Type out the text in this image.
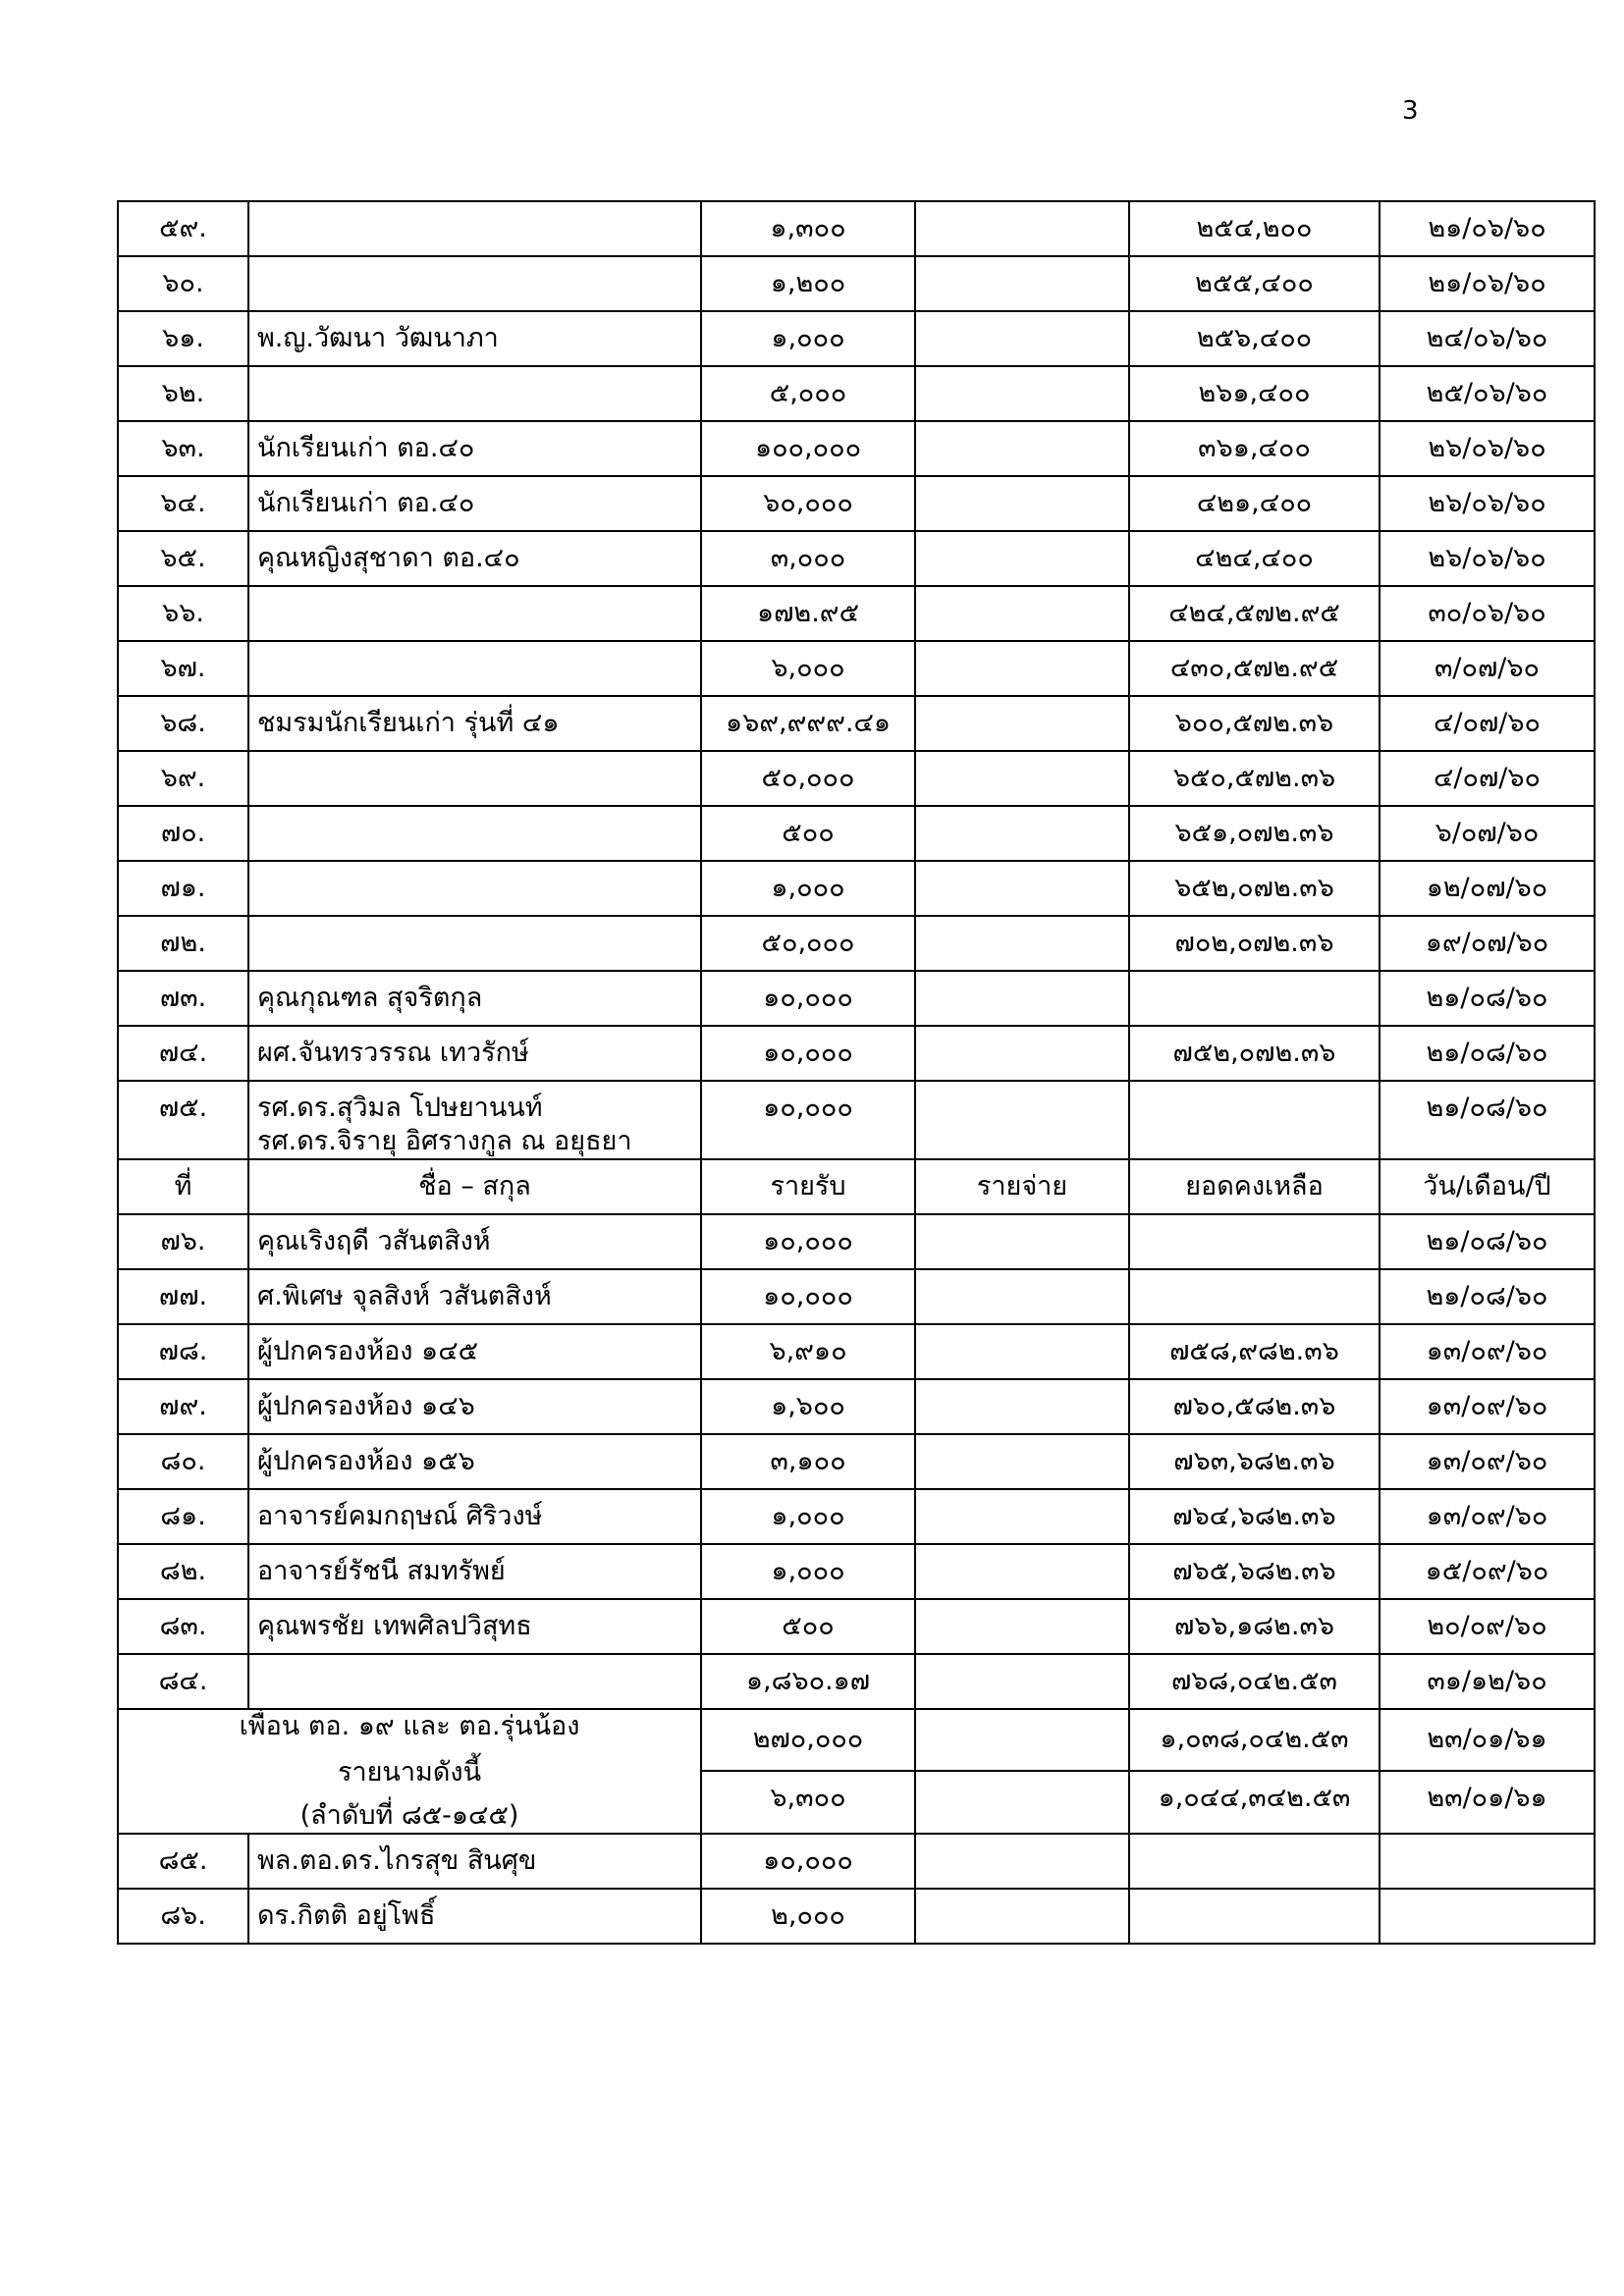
3
๕๙.		๑,๓๐๐		๒๕๔,๒๐๐	๒๑/๐๖/๖๐
๖๐.		๑,๒๐๐		๒๕๕,๔๐๐	๒๑/๐๖/๖๐
๖๑.	พ.ญ.วัฒนา วัฒนาภา	๑,๐๐๐		๒๕๖,๔๐๐	๒๔/๐๖/๖๐
๖๒.		๕,๐๐๐		๒๖๑,๔๐๐	๒๕/๐๖/๖๐
๖๓.	นักเรียนเก่า ตอ.๔๐	๑๐๐,๐๐๐		๓๖๑,๔๐๐	๒๖/๐๖/๖๐
๖๔.	นักเรียนเก่า ตอ.๔๐	๖๐,๐๐๐		๔๒๑,๔๐๐	๒๖/๐๖/๖๐
๖๕.	คุณหญิงสุชาดา ตอ.๔๐	๓,๐๐๐		๔๒๔,๔๐๐	๒๖/๐๖/๖๐
๖๖.		๑๗๒.๙๕		๔๒๔,๕๗๒.๙๕	๓๐/๐๖/๖๐
๖๗.		๖,๐๐๐		๔๓๐,๕๗๒.๙๕	๓/๐๗/๖๐
๖๘.	ชมรมนักเรียนเก่า รุ่นที่ ๔๑	๑๖๙,๙๙๙.๔๑		๖๐๐,๕๗๒.๓๖	๔/๐๗/๖๐
๖๙.		๕๐,๐๐๐		๖๕๐,๕๗๒.๓๖	๔/๐๗/๖๐
๗๐.		๕๐๐		๖๕๑,๐๗๒.๓๖	๖/๐๗/๖๐
๗๑.		๑,๐๐๐		๖๕๒,๐๗๒.๓๖	๑๒/๐๗/๖๐
๗๒.		๕๐,๐๐๐		๗๐๒,๐๗๒.๓๖	๑๙/๐๗/๖๐
๗๓.	คุณกุณฑล สุจริตกุล	๑๐,๐๐๐			๒๑/๐๘/๖๐
๗๔.	ผศ.จันทรวรรณ เทวรักษ์	๑๐,๐๐๐		๗๕๒,๐๗๒.๓๖	๒๑/๐๘/๖๐
๗๕.	รศ.ดร.สุวิมล โปษยานนท์
รศ.ดร.จิรายุ อิศรางกูล ณ อยุธยา	๑๐,๐๐๐			๒๑/๐๘/๖๐
ที่	ชื่อ – สกุล	รายรับ	รายจ่าย	ยอดคงเหลือ	วัน/เดือน/ปี
๗๖.	คุณเริงฤดี วสันตสิงห์	๑๐,๐๐๐			๒๑/๐๘/๖๐
๗๗.	ศ.พิเศษ จุลสิงห์ วสันตสิงห์	๑๐,๐๐๐			๒๑/๐๘/๖๐
๗๘.	ผู้ปกครองห้อง ๑๔๕	๖,๙๑๐		๗๕๘,๙๘๒.๓๖	๑๓/๐๙/๖๐
๗๙.	ผู้ปกครองห้อง ๑๔๖	๑,๖๐๐		๗๖๐,๕๘๒.๓๖	๑๓/๐๙/๖๐
๘๐.	ผู้ปกครองห้อง ๑๕๖	๓,๑๐๐		๗๖๓,๖๘๒.๓๖	๑๓/๐๙/๖๐
๘๑.	อาจารย์คมกฤษณ์ ศิริวงษ์	๑,๐๐๐		๗๖๔,๖๘๒.๓๖	๑๓/๐๙/๖๐
๘๒.	อาจารย์รัชนี สมทรัพย์	๑,๐๐๐		๗๖๕,๖๘๒.๓๖	๑๕/๐๙/๖๐
๘๓.	คุณพรชัย เทพศิลปวิสุทธ	๕๐๐		๗๖๖,๑๘๒.๓๖	๒๐/๐๙/๖๐
๘๔.		๑,๘๖๐.๑๗		๗๖๘,๐๔๒.๕๓	๓๑/๑๒/๖๐

เพื่อน ตอ. ๑๙ และ ตอ.รุ่นน้อง
รายนามดังนี้
(ลำดับที่ ๘๕-๑๔๕)		๒๗๐,๐๐๐		๑,๐๓๘,๐๔๒.๕๓	๒๓/๐๑/๖๑
		๖,๓๐๐		๑,๐๔๔,๓๔๒.๕๓	๒๓/๐๑/๖๑
๘๕.	พล.ตอ.ดร.ไกรสุข สินศุข	๑๐,๐๐๐			
๘๖.	ดร.กิตติ อยู่โพธิ์	๒,๐๐๐			
